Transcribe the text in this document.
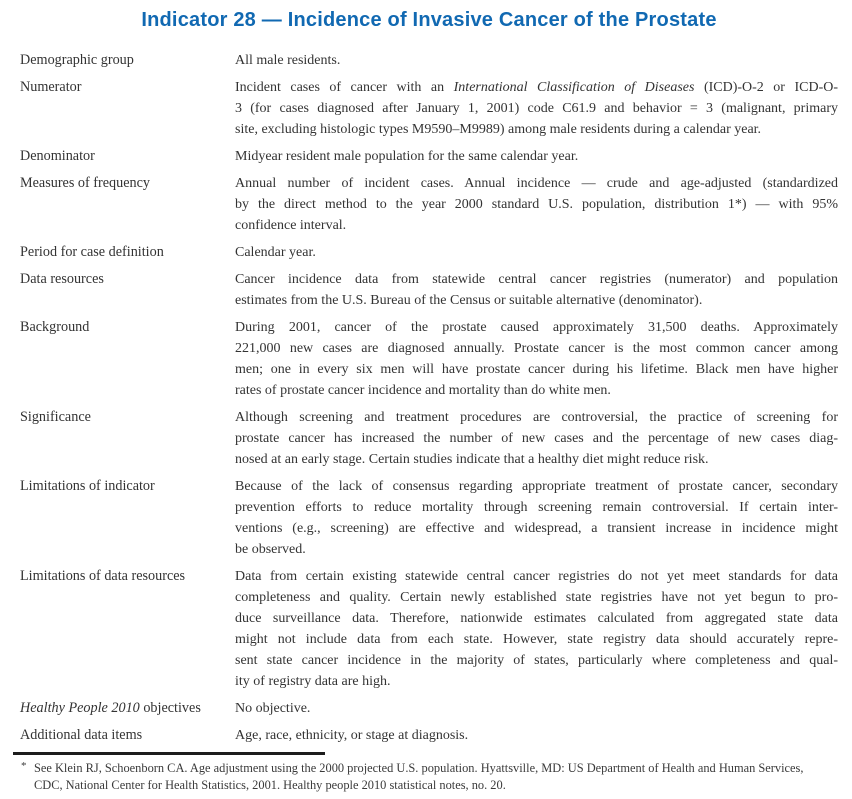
Indicator 28 — Incidence of Invasive Cancer of the Prostate
Demographic group	All male residents.
Numerator	Incident cases of cancer with an International Classification of Diseases (ICD)-O-2 or ICD-O-
3 (for cases diagnosed after January 1, 2001) code C61.9 and behavior = 3 (malignant, primary
site, excluding histologic types M9590–M9989) among male residents during a calendar year.
Denominator	Midyear resident male population for the same calendar year.
Measures of frequency	Annual number of incident cases. Annual incidence — crude and age-adjusted (standardized
by the direct method to the year 2000 standard U.S. population, distribution 1*) — with 95%
confidence interval.
Period for case definition	Calendar year.
Data resources	Cancer incidence data from statewide central cancer registries (numerator) and population
estimates from the U.S. Bureau of the Census or suitable alternative (denominator).
Background	During 2001, cancer of the prostate caused approximately 31,500 deaths. Approximately
221,000 new cases are diagnosed annually. Prostate cancer is the most common cancer among
men; one in every six men will have prostate cancer during his lifetime. Black men have higher
rates of prostate cancer incidence and mortality than do white men.
Significance	Although screening and treatment procedures are controversial, the practice of screening for
prostate cancer has increased the number of new cases and the percentage of new cases diag-
nosed at an early stage. Certain studies indicate that a healthy diet might reduce risk.
Limitations of indicator	Because of the lack of consensus regarding appropriate treatment of prostate cancer, secondary
prevention efforts to reduce mortality through screening remain controversial. If certain inter-
ventions (e.g., screening) are effective and widespread, a transient increase in incidence might
be observed.
Limitations of data resources	Data from certain existing statewide central cancer registries do not yet meet standards for data
completeness and quality. Certain newly established state registries have not yet begun to pro-
duce surveillance data. Therefore, nationwide estimates calculated from aggregated state data
might not include data from each state. However, state registry data should accurately repre-
sent state cancer incidence in the majority of states, particularly where completeness and qual-
ity of registry data are high.
Healthy People 2010 objectives	No objective.
Additional data items	Age, race, ethnicity, or stage at diagnosis.
* See Klein RJ, Schoenborn CA. Age adjustment using the 2000 projected U.S. population. Hyattsville, MD: US Department of Health and Human Services,
CDC, National Center for Health Statistics, 2001. Healthy people 2010 statistical notes, no. 20.
